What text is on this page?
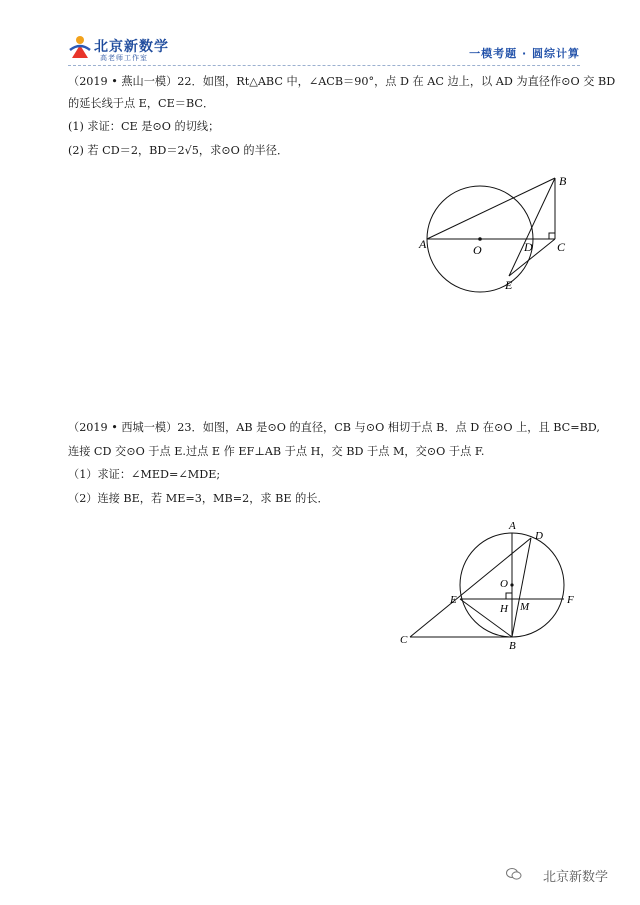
北京新数学
高老师工作室	一模考题 · 圆综计算
（2019 • 燕山一模）22．如图，Rt△ABC 中，∠ACB＝90°，点 D 在 AC 边上，以 AD 为直径作⊙O 交 BD
的延长线于点 E，CE＝BC．
(1) 求证：CE 是⊙O 的切线；
(2) 若 CD＝2，BD＝2√5，求⊙O 的半径．
A
B
C
D
E
O
（2019 • 西城一模）23．如图，AB 是⊙O 的直径，CB 与⊙O 相切于点 B．点 D 在⊙O 上，且 BC=BD,
连接 CD 交⊙O 于点 E.过点 E 作 EF⊥AB 于点 H，交 BD 于点 M，交⊙O 于点 F.
（1）求证：∠MED=∠MDE;
（2）连接 BE，若 ME=3，MB=2，求 BE 的长．
A
B
C
D
E	F
H M
O
北京新数学
